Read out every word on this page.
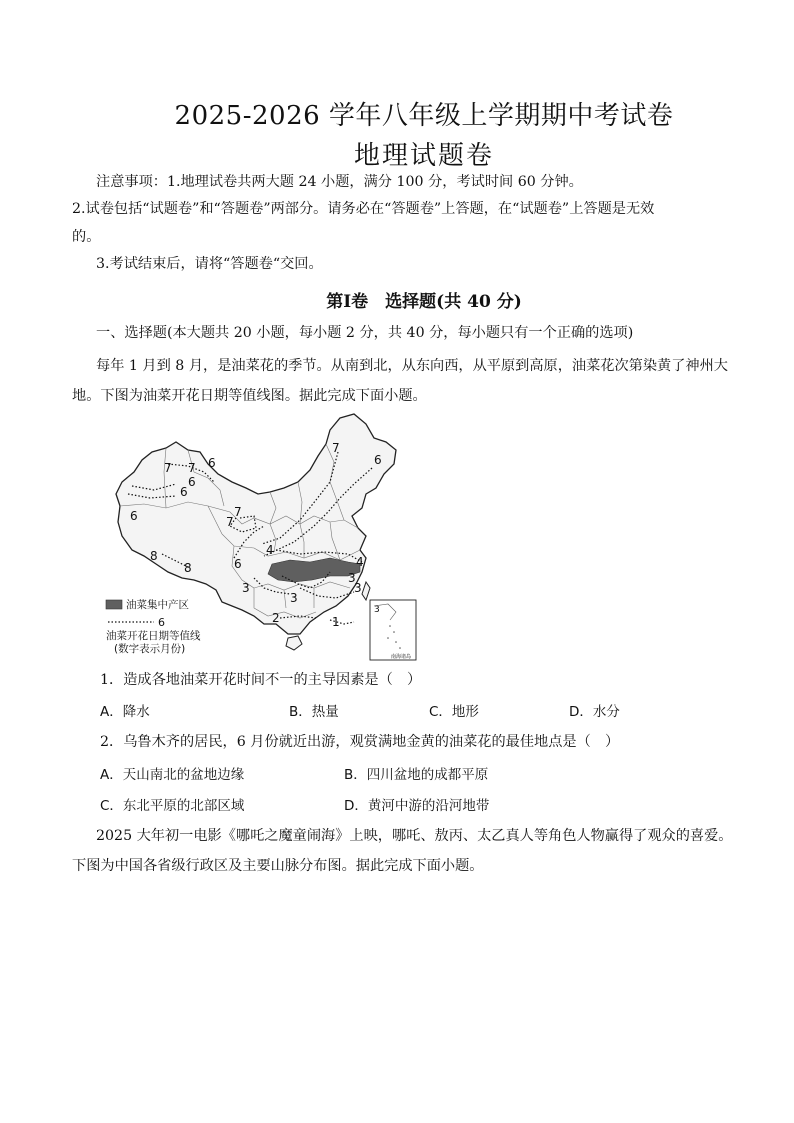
2025-2026 学年八年级上学期期中考试卷
地理试题卷
注意事项：1.地理试卷共两大题 24 小题，满分 100 分，考试时间 60 分钟。
2.试卷包括“试题卷”和“答题卷”两部分。请务必在“答题卷”上答题，在“试题卷”上答题是无效
的。
3.考试结束后，请将“答题卷“交回。
第Ⅰ卷　选择题(共 40 分)
一、选择题(本大题共 20 小题，每小题 2 分，共 40 分，每小题只有一个正确的选项)
每年 1 月到 8 月，是油菜花的季节。从南到北，从东向西，从平原到高原，油菜花次第染黄了神州大
地。下图为油菜开花日期等值线图。据此完成下面小题。
7
6
6
7
6
6
7
7
7
6
8
8	6
4
4
3
3
3
2	1
3
油菜集中产区
6
油菜开花日期等值线
(数字表示月份)
3
南海诸岛
1．造成各地油菜开花时间不一的主导因素是（　）
A．降水	B．热量	C．地形	D．水分
2．乌鲁木齐的居民，6 月份就近出游，观赏满地金黄的油菜花的最佳地点是（　）
A．天山南北的盆地边缘	B．四川盆地的成都平原
C．东北平原的北部区域	D．黄河中游的沿河地带
2025 大年初一电影《哪吒之魔童闹海》上映，哪吒、敖丙、太乙真人等角色人物赢得了观众的喜爱。
下图为中国各省级行政区及主要山脉分布图。据此完成下面小题。
